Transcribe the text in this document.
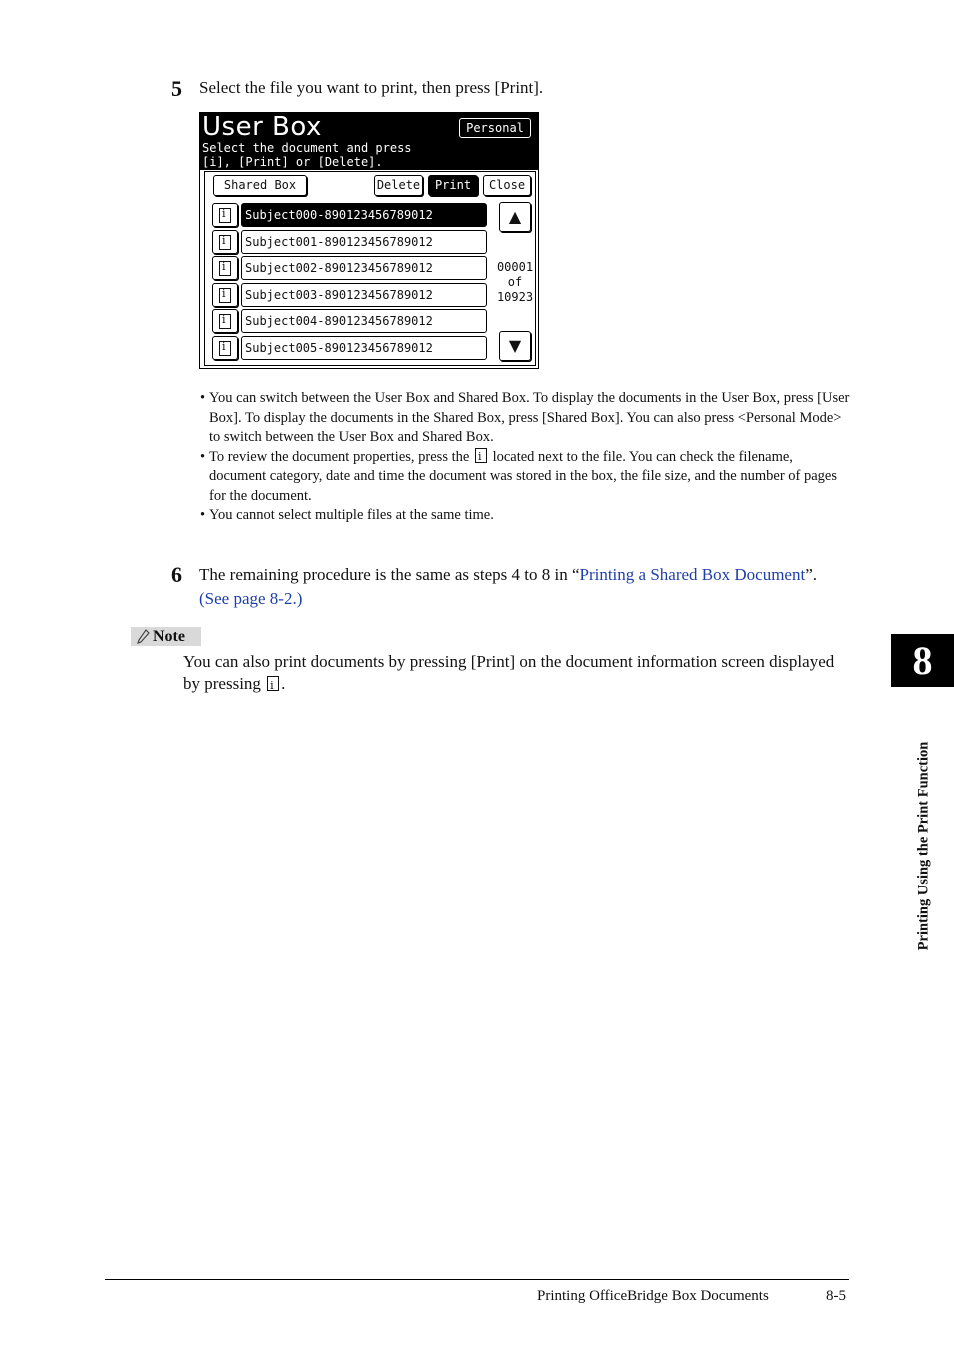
5 Select the file you want to print, then press [Print].
User Box
Select the document and press
[i], [Print] or [Delete].
Personal
Shared Box	Delete	Print	Close
i
Subject000-890123456789012
i
Subject001-890123456789012
i
Subject002-890123456789012
i
Subject003-890123456789012
i
Subject004-890123456789012
i
Subject005-890123456789012
▲
00001
of
10923
▼
• You can switch between the User Box and Shared Box. To display the documents in the User Box, press [User Box]. To display the documents in the Shared Box, press [Shared Box]. You can also press <Personal Mode> to switch between the User Box and Shared Box.
• To review the document properties, press the i located next to the file. You can check the filename, document category, date and time the document was stored in the box, the file size, and the number of pages for the document.
• You cannot select multiple files at the same time.
6 The remaining procedure is the same as steps 4 to 8 in “Printing a Shared Box Document”. (See page 8-2.)
Note
You can also print documents by pressing [Print] on the document information screen displayed by pressing i .
8
Printing Using the Print Function
Printing OfficeBridge Box Documents	8-5
